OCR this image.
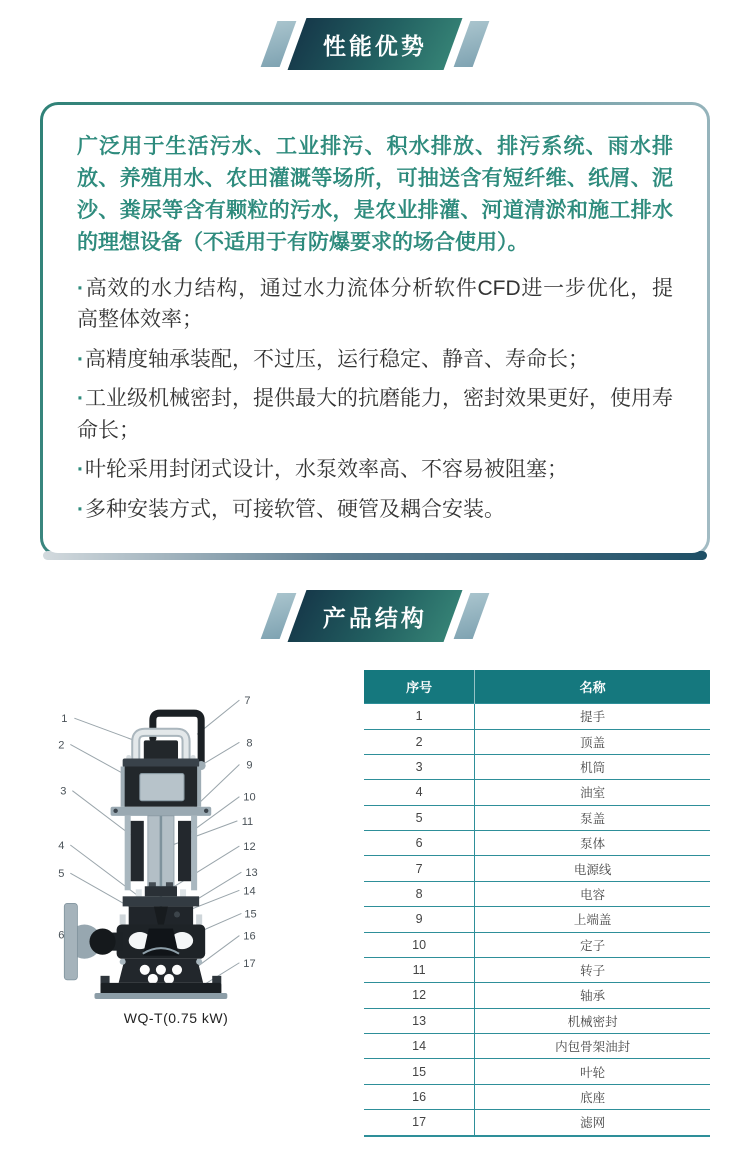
性能优势

广泛用于生活污水、工业排污、积水排放、排污系统、雨水排放、养殖用水、农田灌溉等场所，可抽送含有短纤维、纸屑、泥沙、粪尿等含有颗粒的污水，是农业排灌、河道清淤和施工排水的理想设备（不适用于有防爆要求的场合使用）。

· 高效的水力结构，通过水力流体分析软件CFD进一步优化，提高整体效率；
· 高精度轴承装配，不过压，运行稳定、静音、寿命长；
· 工业级机械密封，提供最大的抗磨能力，密封效果更好，使用寿命长；
· 叶轮采用封闭式设计，水泵效率高、不容易被阻塞；
· 多种安装方式，可接软管、硬管及耦合安装。
产品结构
1
2
3
4
5
6
7
8
9
10
11
12
13
14
15
16
17
WQ-T(0.75 kW)
序号	名称
1	提手
2	顶盖
3	机筒
4	油室
5	泵盖
6	泵体
7	电源线
8	电容
9	上端盖
10	定子
11	转子
12	轴承
13	机械密封
14	内包骨架油封
15	叶轮
16	底座
17	滤网
